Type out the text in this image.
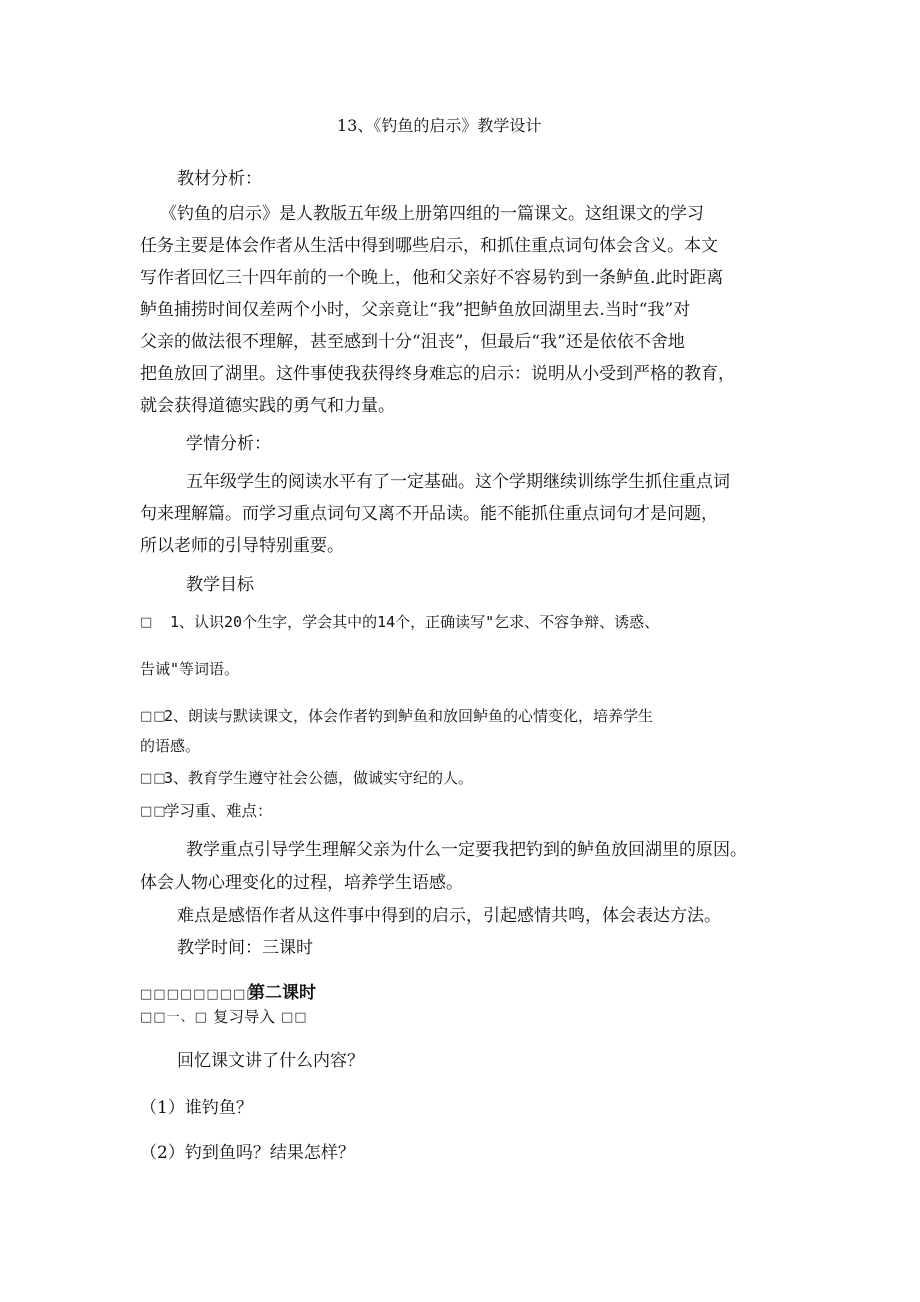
13、《钓鱼的启示》教学设计
教材分析：
《钓鱼的启示》是人教版五年级上册第四组的一篇课文。这组课文的学习
任务主要是体会作者从生活中得到哪些启示，和抓住重点词句体会含义。本文
写作者回忆三十四年前的一个晚上，他和父亲好不容易钓到一条鲈鱼.此时距离
鲈鱼捕捞时间仅差两个小时，父亲竟让“我”把鲈鱼放回湖里去.当时“我”对
父亲的做法很不理解，甚至感到十分“沮丧”，但最后“我”还是依依不舍地
把鱼放回了湖里。这件事使我获得终身难忘的启示：说明从小受到严格的教育，
就会获得道德实践的勇气和力量。
学情分析：
五年级学生的阅读水平有了一定基础。这个学期继续训练学生抓住重点词
句来理解篇。而学习重点词句又离不开品读。能不能抓住重点词句才是问题，
所以老师的引导特别重要。
教学目标
□ 1、认识20个生字，学会其中的14个，正确读写"乞求、不容争辩、诱惑、
告诫"等词语。
□□
2、朗读与默读课文，体会作者钓到鲈鱼和放回鲈鱼的心情变化，培养学生
的语感。
□□
3、教育学生遵守社会公德，做诚实守纪的人。
□□
学习重、难点：
教学重点引导学生理解父亲为什么一定要我把钓到的鲈鱼放回湖里的原因。
体会人物心理变化的过程，培养学生语感。
难点是感悟作者从这件事中得到的启示，引起感情共鸣，体会表达方法。
教学时间：三课时
□□□□□□□□□
第二课时
□□一、□ 复习导入 □□
回忆课文讲了什么内容？
（1）谁钓鱼？
（2）钓到鱼吗？结果怎样？
